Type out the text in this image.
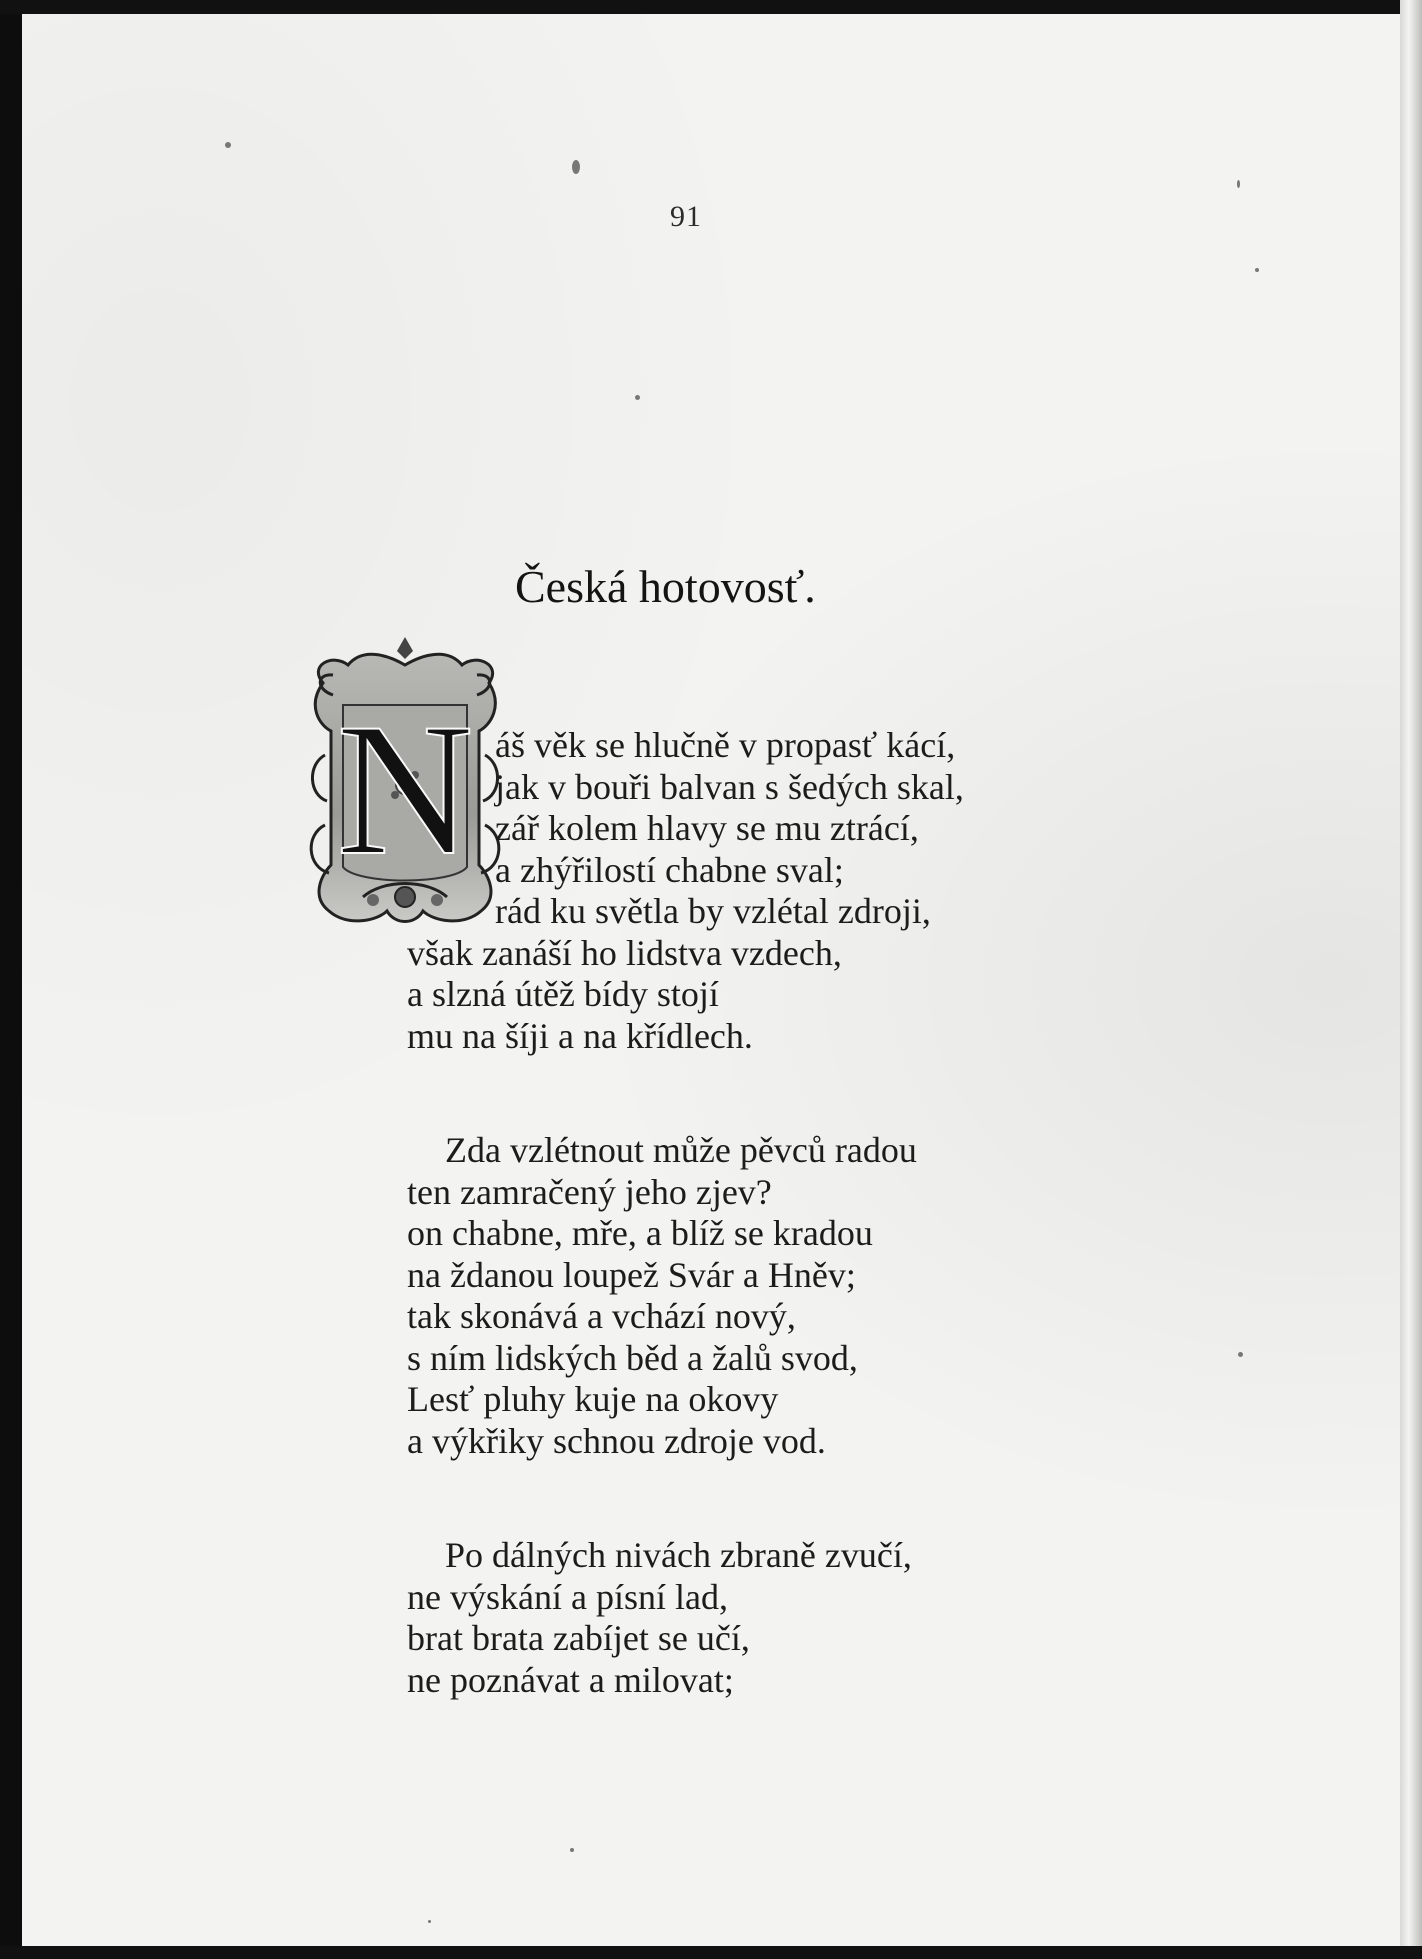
91
Česká hotovosť.
N áš věk se hlučně v propasť kácí,
jak v bouři balvan s šedých skal,
zář kolem hlavy se mu ztrácí,
a zhýřilostí chabne sval;
rád ku světla by vzlétal zdroji,
však zanáší ho lidstva vzdech,
a slzná útěž bídy stojí
mu na šíji a na křídlech.
Zda vzlétnout může pěvců radou
ten zamračený jeho zjev?
on chabne, mře, a blíž se kradou
na ždanou loupež Svár a Hněv;
tak skonává a vchází nový,
s ním lidských běd a žalů svod,
Lesť pluhy kuje na okovy
a výkřiky schnou zdroje vod.
Po dálných nivách zbraně zvučí,
ne výskání a písní lad,
brat brata zabíjet se učí,
ne poznávat a milovat;
